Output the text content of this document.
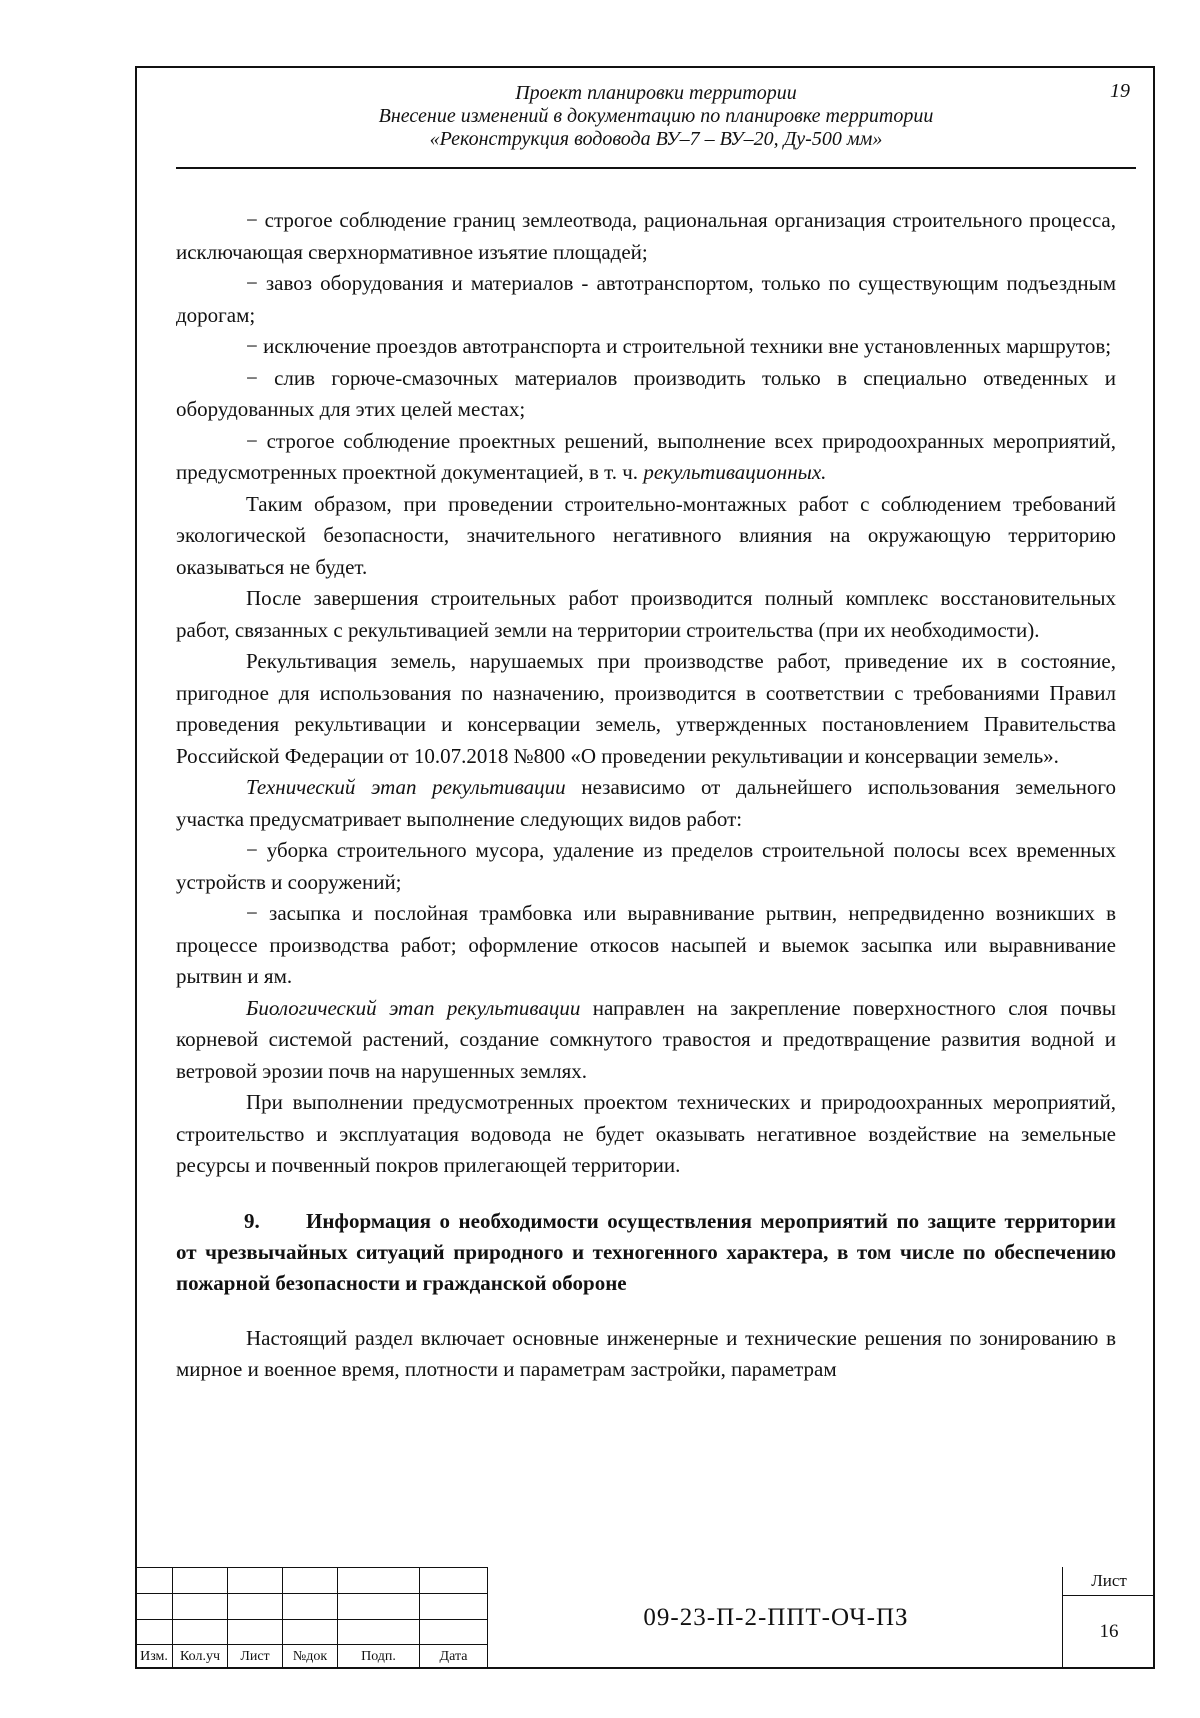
Проект планировки территории
Внесение изменений в документацию по планировке территории
«Реконструкция водовода ВУ–7 – ВУ–20, Ду-500 мм»
19

− строгое соблюдение границ землеотвода, рациональная организация строительного процесса, исключающая сверхнормативное изъятие площадей;

− завоз оборудования и материалов - автотранспортом, только по существующим подъездным дорогам;

− исключение проездов автотранспорта и строительной техники вне установленных маршрутов;

− слив горюче-смазочных материалов производить только в специально отведенных и оборудованных для этих целей местах;

− строгое соблюдение проектных решений, выполнение всех природоохранных мероприятий, предусмотренных проектной документацией, в т. ч. рекультивационных.

Таким образом, при проведении строительно-монтажных работ с соблюдением требований экологической безопасности, значительного негативного влияния на окружающую территорию оказываться не будет.

После завершения строительных работ производится полный комплекс восстановительных работ, связанных с рекультивацией земли на территории строительства (при их необходимости).

Рекультивация земель, нарушаемых при производстве работ, приведение их в состояние, пригодное для использования по назначению, производится в соответствии с требованиями Правил проведения рекультивации и консервации земель, утвержденных постановлением Правительства Российской Федерации от 10.07.2018 №800 «О проведении рекультивации и консервации земель».

Технический этап рекультивации независимо от дальнейшего использования земельного участка предусматривает выполнение следующих видов работ:

− уборка строительного мусора, удаление из пределов строительной полосы всех временных устройств и сооружений;

− засыпка и послойная трамбовка или выравнивание рытвин, непредвиденно возникших в процессе производства работ; оформление откосов насыпей и выемок засыпка или выравнивание рытвин и ям.

Биологический этап рекультивации направлен на закрепление поверхностного слоя почвы корневой системой растений, создание сомкнутого травостоя и предотвращение развития водной и ветровой эрозии почв на нарушенных землях.

При выполнении предусмотренных проектом технических и природоохранных мероприятий, строительство и эксплуатация водовода не будет оказывать негативное воздействие на земельные ресурсы и почвенный покров прилегающей территории.

9. Информация о необходимости осуществления мероприятий по защите территории от чрезвычайных ситуаций природного и техногенного характера, в том числе по обеспечению пожарной безопасности и гражданской обороне

Настоящий раздел включает основные инженерные и технические решения по зонированию в мирное и военное время, плотности и параметрам застройки, параметрам

Изм.	Кол.уч	Лист	№док	Подп.	Дата
09-23-П-2-ППТ-ОЧ-ПЗ
Лист
16
